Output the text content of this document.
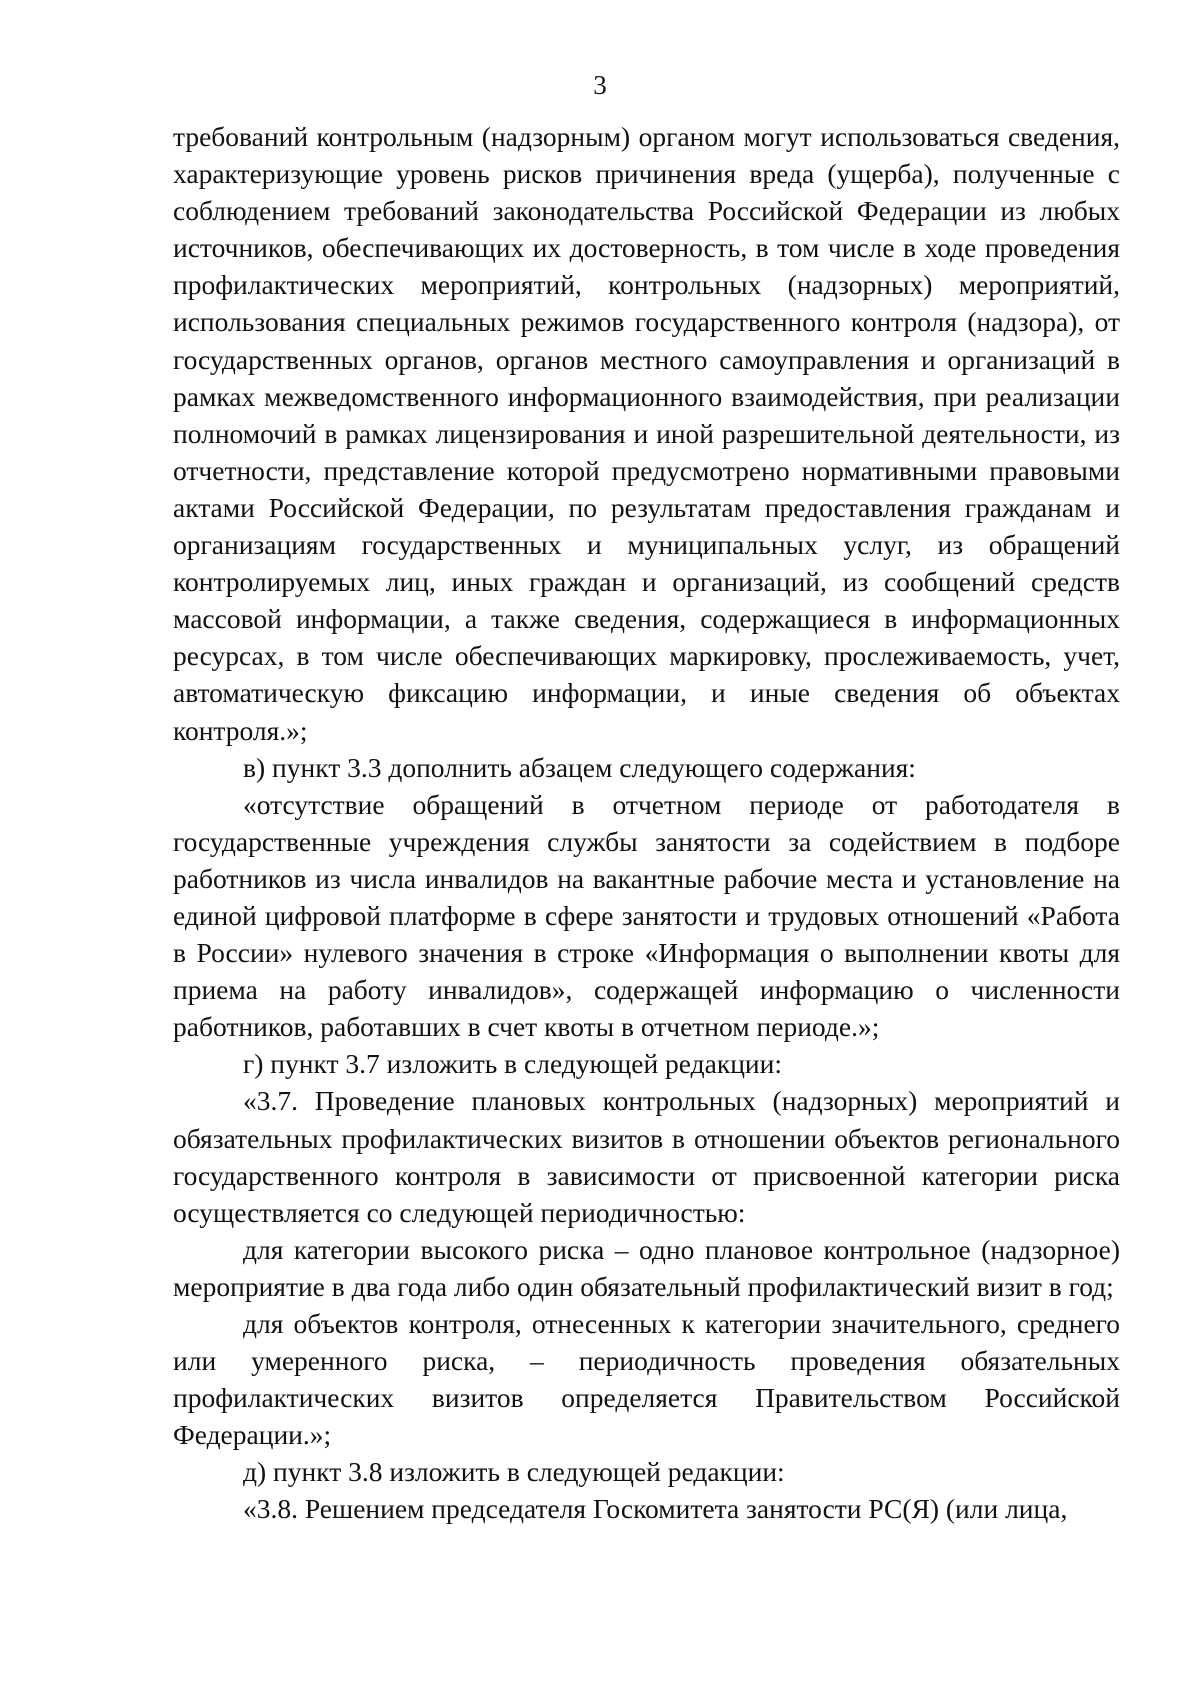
3

требований контрольным (надзорным) органом могут использоваться сведения, характеризующие уровень рисков причинения вреда (ущерба), полученные с соблюдением требований законодательства Российской Федерации из любых источников, обеспечивающих их достоверность, в том числе в ходе проведения профилактических мероприятий, контрольных (надзорных) мероприятий, использования специальных режимов государственного контроля (надзора), от государственных органов, органов местного самоуправления и организаций в рамках межведомственного информационного взаимодействия, при реализации полномочий в рамках лицензирования и иной разрешительной деятельности, из отчетности, представление которой предусмотрено нормативными правовыми актами Российской Федерации, по результатам предоставления гражданам и организациям государственных и муниципальных услуг, из обращений контролируемых лиц, иных граждан и организаций, из сообщений средств массовой информации, а также сведения, содержащиеся в информационных ресурсах, в том числе обеспечивающих маркировку, прослеживаемость, учет, автоматическую фиксацию информации, и иные сведения об объектах контроля.»;

в) пункт 3.3 дополнить абзацем следующего содержания:

«отсутствие обращений в отчетном периоде от работодателя в государственные учреждения службы занятости за содействием в подборе работников из числа инвалидов на вакантные рабочие места и установление на единой цифровой платформе в сфере занятости и трудовых отношений «Работа в России» нулевого значения в строке «Информация о выполнении квоты для приема на работу инвалидов», содержащей информацию о численности работников, работавших в счет квоты в отчетном периоде.»;

г) пункт 3.7 изложить в следующей редакции:

«3.7. Проведение плановых контрольных (надзорных) мероприятий и обязательных профилактических визитов в отношении объектов регионального государственного контроля в зависимости от присвоенной категории риска осуществляется со следующей периодичностью:

для категории высокого риска – одно плановое контрольное (надзорное) мероприятие в два года либо один обязательный профилактический визит в год;

для объектов контроля, отнесенных к категории значительного, среднего или умеренного риска, – периодичность проведения обязательных профилактических визитов определяется Правительством Российской Федерации.»;

д) пункт 3.8 изложить в следующей редакции:

«3.8. Решением председателя Госкомитета занятости РС(Я) (или лица,
